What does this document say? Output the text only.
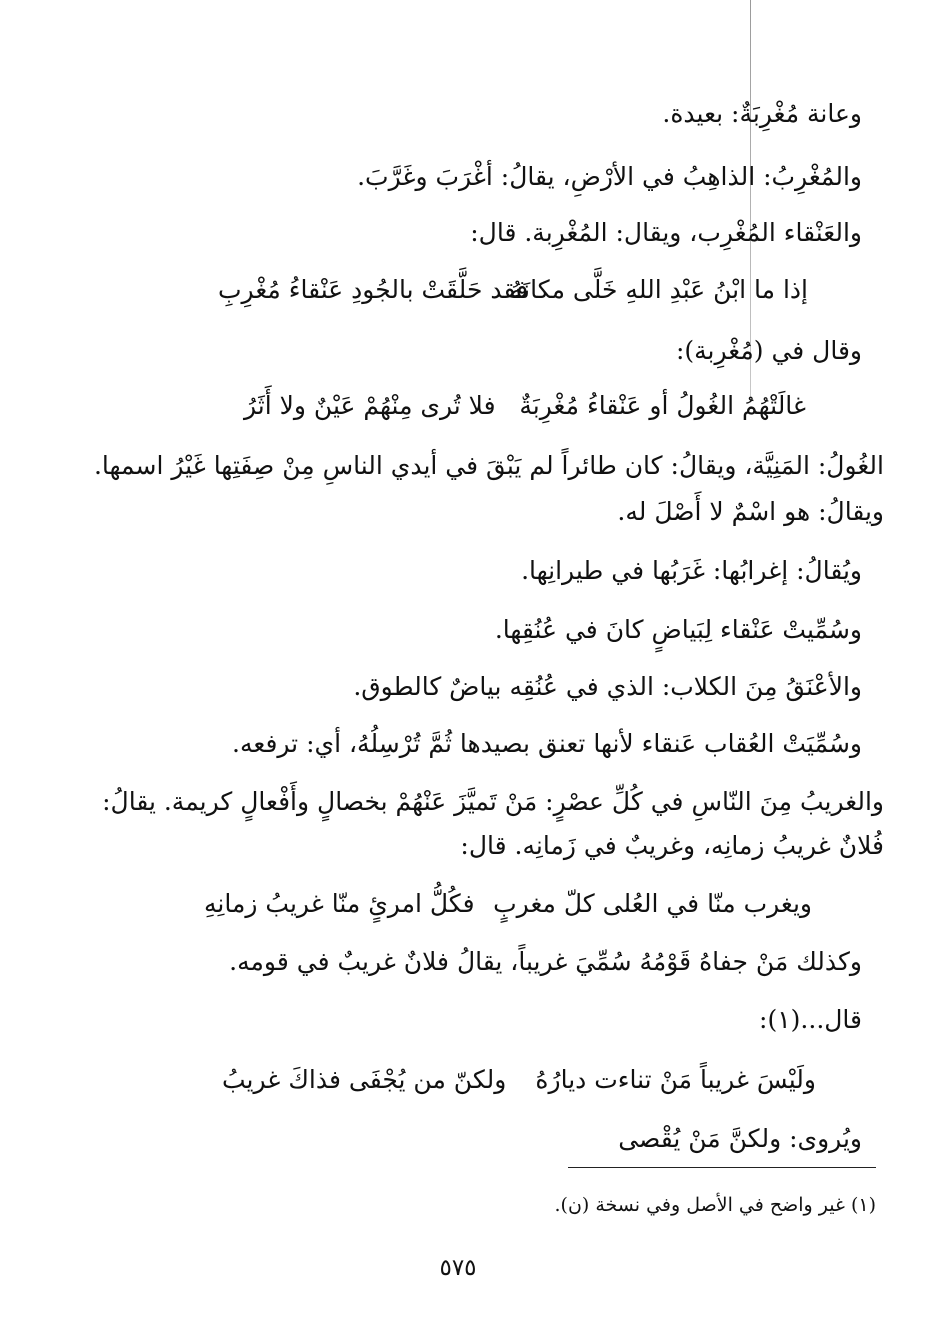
وعانة مُغْرِبَةٌ: بعيدة.
والمُغْرِبُ: الذاهِبُ في الأرْضِ، يقالُ: أغْرَبَ وغَرَّبَ.
والعَنْقاء المُغْرِب، ويقال: المُغْرِبة. قال:
إذا ما ابْنُ عَبْدِ اللهِ خَلَّى مكانَهُ
فقد حَلَّقَتْ بالجُودِ عَنْقاءُ مُغْرِبِ
وقال في (مُغْرِبة):
غالَتْهُمُ الغُولُ أو عَنْقاءُ مُغْرِبَةٌ
فلا تُرى مِنْهُمْ عَيْنٌ ولا أَثَرُ
الغُولُ: المَنِيَّة، ويقالُ: كان طائراً لم يَبْقَ في أيدي الناسِ مِنْ صِفَتِها غَيْرُ اسمها.
ويقالُ: هو اسْمٌ لا أَصْلَ له.
ويُقالُ: إغرابُها: غَرَبُها في طيرانِها.
وسُمِّيتْ عَنْقاء لِبَياضٍ كانَ في عُنُقِها.
والأعْنَقُ مِنَ الكلاب: الذي في عُنُقِه بياضٌ كالطوق.
وسُمِّيَتْ العُقاب عَنقاء لأنها تعنق بصيدها ثُمَّ تُرْسِلُهُ، أي: ترفعه.
والغريبُ مِنَ النّاسِ في كُلِّ عصْرٍ: مَنْ تَميَّزَ عَنْهُمْ بخصالٍ وأَفْعالٍ كريمة. يقالُ:
فُلانٌ غريبُ زمانِه، وغريبٌ في زَمانِه. قال:
ويغرب منّا في العُلى كلّ مغربٍ
فكُلُّ امرئٍ منّا غريبُ زمانِهِ
وكذلك مَنْ جفاهُ قَوْمُهُ سُمِّيَ غريباً، يقالُ فلانٌ غريبٌ في قومه.
قال...(١):
ولَيْسَ غريباً مَنْ تناءت ديارُهُ
ولكنّ من يُجْفَى فذاكَ غريبُ
ويُروى: ولكنَّ مَنْ يُقْصى
(١) غير واضح في الأصل وفي نسخة (ن).
٥٧٥
